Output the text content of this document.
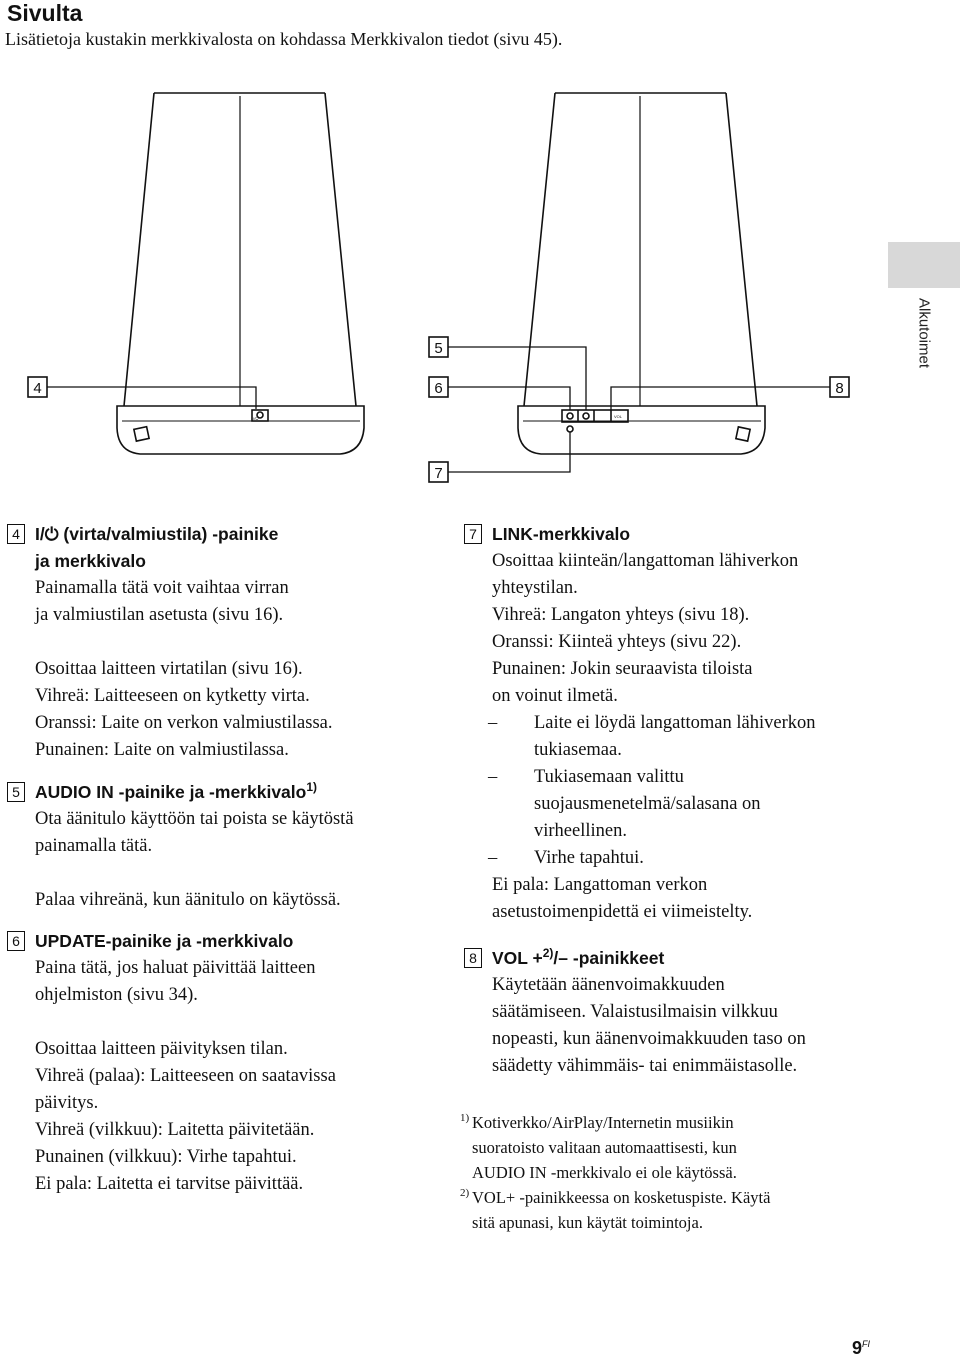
Sivulta
Lisätietoja kustakin merkkivalosta on kohdassa Merkkivalon tiedot (sivu 45).
Alkutoimet
4
5
6
7
8
I/⏻	VOL
4 I/⏻ (virta/valmiustila) -painike
ja merkkivalo
Painamalla tätä voit vaihtaa virran
ja valmiustilan asetusta (sivu 16).
Osoittaa laitteen virtatilan (sivu 16).
Vihreä: Laitteeseen on kytketty virta.
Oranssi: Laite on verkon valmiustilassa.
Punainen: Laite on valmiustilassa.
5 AUDIO IN -painike ja -merkkivalo$^{1)}$
Ota äänitulo käyttöön tai poista se käytöstä
painamalla tätä.
Palaa vihreänä, kun äänitulo on käytössä.
6 UPDATE-painike ja -merkkivalo
Paina tätä, jos haluat päivittää laitteen
ohjelmiston (sivu 34).
Osoittaa laitteen päivityksen tilan.
Vihreä (palaa): Laitteeseen on saatavissa
päivitys.
Vihreä (vilkkuu): Laitetta päivitetään.
Punainen (vilkkuu): Virhe tapahtui.
Ei pala: Laitetta ei tarvitse päivittää.
7 LINK-merkkivalo
Osoittaa kiinteän/langattoman lähiverkon
yhteystilan.
Vihreä: Langaton yhteys (sivu 18).
Oranssi: Kiinteä yhteys (sivu 22).
Punainen: Jokin seuraavista tiloista
on voinut ilmetä.
– Laite ei löydä langattoman lähiverkon
tukiasemaa.
– Tukiasemaan valittu
suojausmenetelmä/salasana on
virheellinen.
– Virhe tapahtui.
Ei pala: Langattoman verkon
asetustoimenpidettä ei viimeistelty.
8 VOL +$^{2)}$/– -painikkeet
Käytetään äänenvoimakkuuden
säätämiseen. Valaistusilmaisin vilkkuu
nopeasti, kun äänenvoimakkuuden taso on
säädetty vähimmäis- tai enimmäistasolle.
1) Kotiverkko/AirPlay/Internetin musiikin
suoratoisto valitaan automaattisesti, kun
AUDIO IN -merkkivalo ei ole käytössä.
2) VOL+ -painikkeessa on kosketuspiste. Käytä
sitä apunasi, kun käytät toimintoja.
$9^{FI}$
